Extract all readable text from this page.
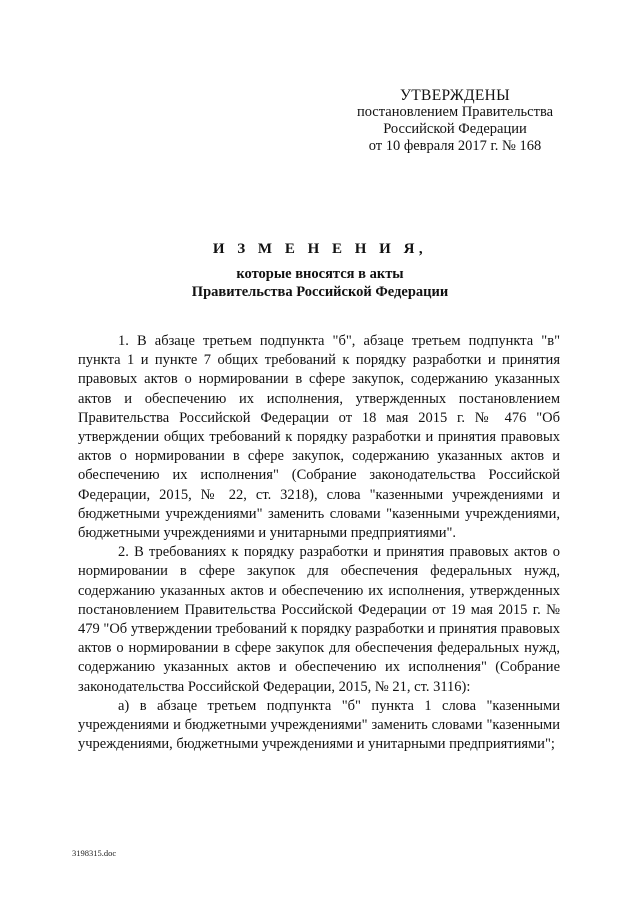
УТВЕРЖДЕНЫ
постановлением Правительства
Российской Федерации
от 10 февраля 2017 г. № 168
И З М Е Н Е Н И Я,
которые вносятся в акты
Правительства Российской Федерации

1. В абзаце третьем подпункта "б", абзаце третьем подпункта "в" пункта 1 и пункте 7 общих требований к порядку разработки и принятия правовых актов о нормировании в сфере закупок, содержанию указанных актов и обеспечению их исполнения, утвержденных постановлением Правительства Российской Федерации от 18 мая 2015 г. № 476 "Об утверждении общих требований к порядку разработки и принятия правовых актов о нормировании в сфере закупок, содержанию указанных актов и обеспечению их исполнения" (Собрание законодательства Российской Федерации, 2015, № 22, ст. 3218), слова "казенными учреждениями и бюджетными учреждениями" заменить словами "казенными учреждениями, бюджетными учреждениями и унитарными предприятиями".

2. В требованиях к порядку разработки и принятия правовых актов о нормировании в сфере закупок для обеспечения федеральных нужд, содержанию указанных актов и обеспечению их исполнения, утвержденных постановлением Правительства Российской Федерации от 19 мая 2015 г. № 479 "Об утверждении требований к порядку разработки и принятия правовых актов о нормировании в сфере закупок для обеспечения федеральных нужд, содержанию указанных актов и обеспечению их исполнения" (Собрание законодательства Российской Федерации, 2015, № 21, ст. 3116):

а) в абзаце третьем подпункта "б" пункта 1 слова "казенными учреждениями и бюджетными учреждениями" заменить словами "казенными учреждениями, бюджетными учреждениями и унитарными предприятиями";

3198315.doc
